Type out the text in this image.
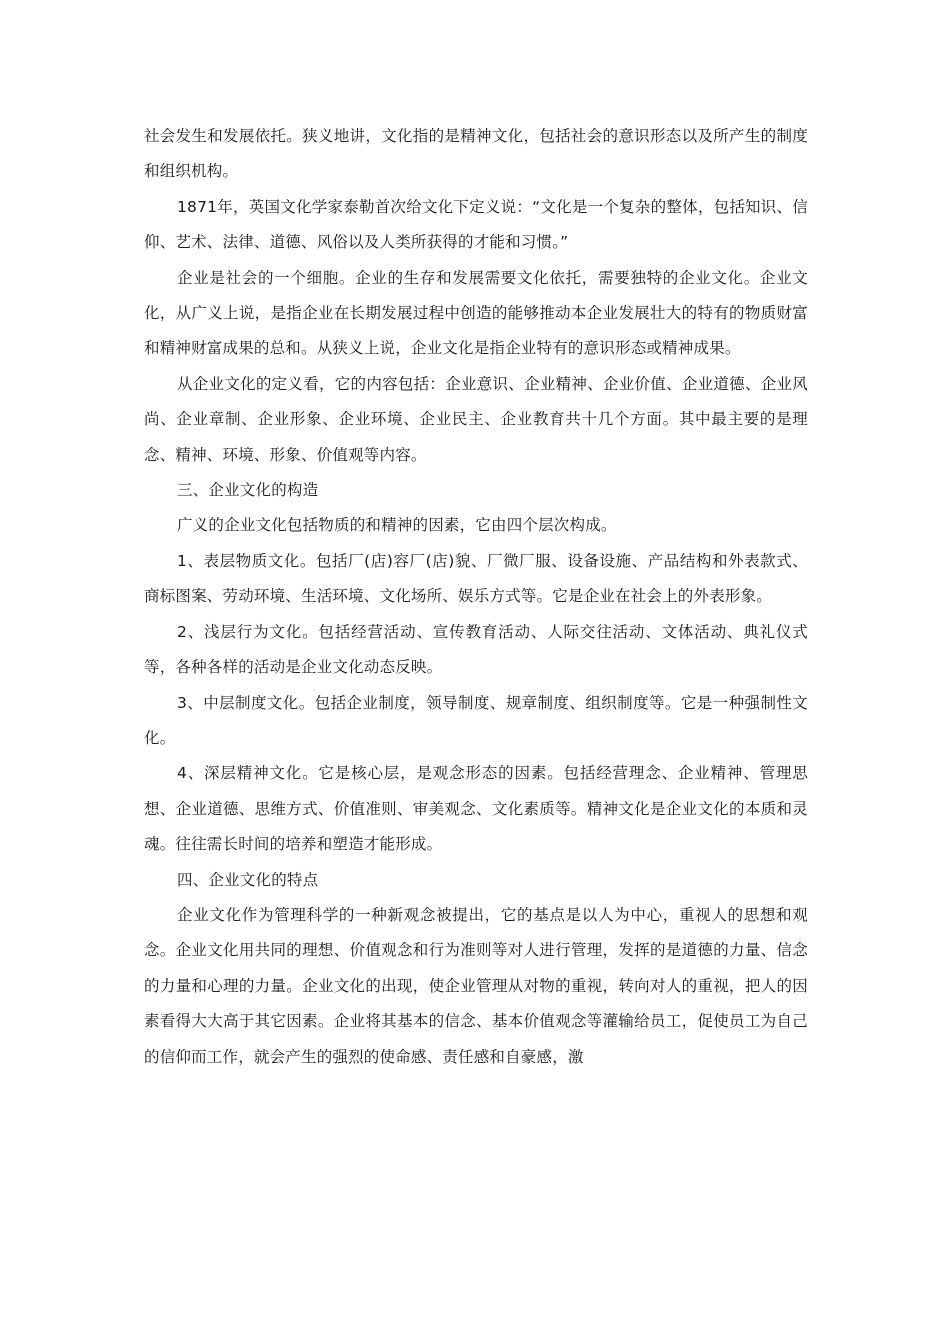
社会发生和发展依托。狭义地讲，文化指的是精神文化，包括社会的意识形态以及所产生的制度和组织机构。

1871年，英国文化学家泰勒首次给文化下定义说：“文化是一个复杂的整体，包括知识、信仰、艺术、法律、道德、风俗以及人类所获得的才能和习惯。”

企业是社会的一个细胞。企业的生存和发展需要文化依托，需要独特的企业文化。企业文化，从广义上说，是指企业在长期发展过程中创造的能够推动本企业发展壮大的特有的物质财富和精神财富成果的总和。从狭义上说，企业文化是指企业特有的意识形态或精神成果。

从企业文化的定义看，它的内容包括：企业意识、企业精神、企业价值、企业道德、企业风尚、企业章制、企业形象、企业环境、企业民主、企业教育共十几个方面。其中最主要的是理念、精神、环境、形象、价值观等内容。

三、企业文化的构造

广义的企业文化包括物质的和精神的因素，它由四个层次构成。

1、表层物质文化。包括厂(店)容厂(店)貌、厂微厂服、设备设施、产品结构和外表款式、商标图案、劳动环境、生活环境、文化场所、娱乐方式等。它是企业在社会上的外表形象。

2、浅层行为文化。包括经营活动、宣传教育活动、人际交往活动、文体活动、典礼仪式等，各种各样的活动是企业文化动态反映。

3、中层制度文化。包括企业制度，领导制度、规章制度、组织制度等。它是一种强制性文化。

4、深层精神文化。它是核心层，是观念形态的因素。包括经营理念、企业精神、管理思想、企业道德、思维方式、价值准则、审美观念、文化素质等。精神文化是企业文化的本质和灵魂。往往需长时间的培养和塑造才能形成。

四、企业文化的特点

企业文化作为管理科学的一种新观念被提出，它的基点是以人为中心，重视人的思想和观念。企业文化用共同的理想、价值观念和行为准则等对人进行管理，发挥的是道德的力量、信念的力量和心理的力量。企业文化的出现，使企业管理从对物的重视，转向对人的重视，把人的因素看得大大高于其它因素。企业将其基本的信念、基本价值观念等灌输给员工，促使员工为自己的信仰而工作，就会产生的强烈的使命感、责任感和自豪感，激
